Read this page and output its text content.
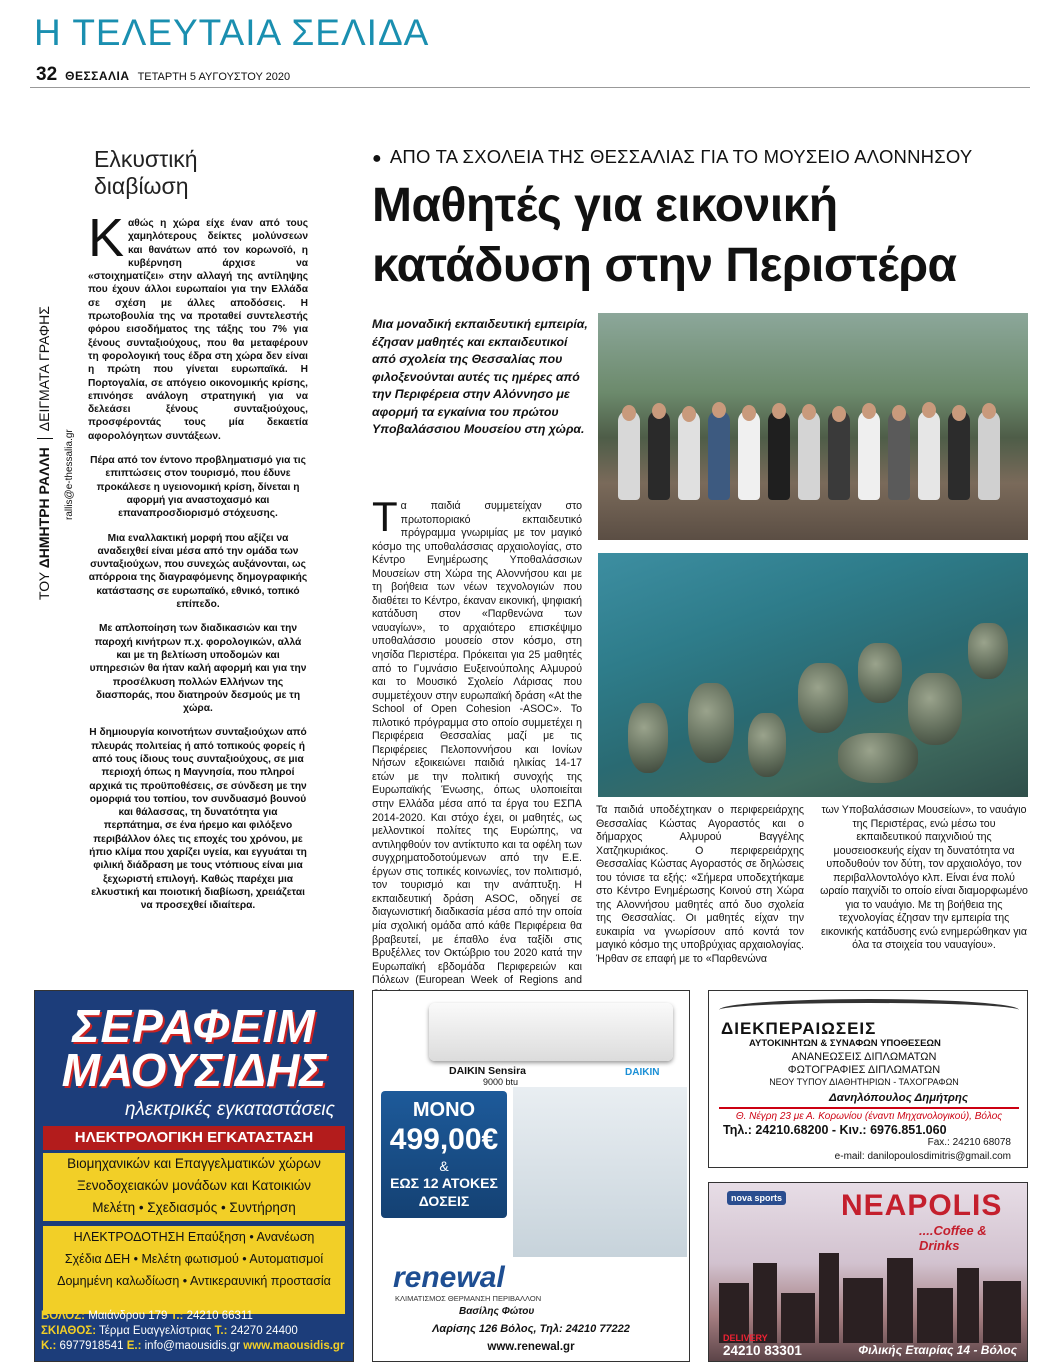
Η ΤΕΛΕΥΤΑΙΑ ΣΕΛΙΔΑ
32 ΘΕΣΣΑΛΙΑ ΤΕΤΑΡΤΗ 5 ΑΥΓΟΥΣΤΟΥ 2020
ΤΟΥ ΔΗΜΗΤΡΗ ΡΑΛΛΗ  ΔΕΙΓΜΑΤΑ ΓΡΑΦΗΣ
rallis@e-thessalia.gr
Ελκυστική
διαβίωση

Καθώς η χώρα είχε έναν από τους χαμηλότερους δείκτες μολύνσεων και θανάτων από τον κορωνοϊό, η κυβέρνηση άρχισε να «στοιχηματίζει» στην αλλαγή της αντίληψης που έχουν άλλοι ευρωπαίοι για την Ελλάδα σε σχέση με άλλες αποδόσεις. Η πρωτοβουλία της να προταθεί συντελεστής φόρου εισοδήματος της τάξης του 7% για ξένους συνταξιούχους, που θα μεταφέρουν τη φορολογική τους έδρα στη χώρα δεν είναι η πρώτη που γίνεται ευρωπαϊκά. Η Πορτογαλία, σε απόγειο οικονομικής κρίσης, επινόησε ανάλογη στρατηγική για να δελεάσει ξένους συνταξιούχους, προσφέροντάς τους μία δεκαετία αφορολόγητων συντάξεων.

Πέρα από τον έντονο προβληματισμό για τις επιπτώσεις στον τουρισμό, που έδυνε προκάλεσε η υγειονομική κρίση, δίνεται η αφορμή για αναστοχασμό και επαναπροσδιορισμό στόχευσης.

Μια εναλλακτική μορφή που αξίζει να αναδειχθεί είναι μέσα από την ομάδα των συνταξιούχων, που συνεχώς αυξάνονται, ως απόρροια της διαγραφόμενης δημογραφικής κατάστασης σε ευρωπαϊκό, εθνικό, τοπικό επίπεδο.

Με απλοποίηση των διαδικασιών και την παροχή κινήτρων π.χ. φορολογικών, αλλά και με τη βελτίωση υποδομών και υπηρεσιών θα ήταν καλή αφορμή και για την προσέλκυση πολλών Ελλήνων της διασποράς, που διατηρούν δεσμούς με τη χώρα.

Η δημιουργία κοινοτήτων συνταξιούχων από πλευράς πολιτείας ή από τοπικούς φορείς ή από τους ίδιους τους συνταξιούχους, σε μια περιοχή όπως η Μαγνησία, που πληροί αρχικά τις προϋποθέσεις, σε σύνδεση με την ομορφιά του τοπίου, τον συνδυασμό βουνού και θάλασσας, τη δυνατότητα για περπάτημα, σε ένα ήρεμο και φιλόξενο περιβάλλον όλες τις εποχές του χρόνου, με ήπιο κλίμα που χαρίζει υγεία, και εγγυάται τη φιλική διάδραση με τους ντόπιους είναι μια ξεχωριστή επιλογή. Καθώς παρέχει μια ελκυστική και ποιοτική διαβίωση, χρειάζεται να προσεχθεί ιδιαίτερα.

● ΑΠΟ ΤΑ ΣΧΟΛΕΙΑ ΤΗΣ ΘΕΣΣΑΛΙΑΣ ΓΙΑ ΤΟ ΜΟΥΣΕΙΟ ΑΛΟΝΝΗΣΟΥ
Μαθητές για εικονική
κατάδυση στην Περιστέρα
Μια μοναδική εκπαιδευτική εμπειρία, έζησαν μαθητές και εκπαιδευτικοί από σχολεία της Θεσσαλίας που φιλοξενούνται αυτές τις ημέρες από την Περιφέρεια στην Αλόννησο με αφορμή τα εγκαίνια του πρώτου Υποβαλάσσιου Μουσείου στη χώρα.
Τα παιδιά συμμετείχαν στο πρωτοποριακό εκπαιδευτικό πρόγραμμα γνωριμίας με τον μαγικό κόσμο της υποθαλάσσιας αρχαιολογίας, στο Κέντρο Ενημέρωσης Υποθαλάσσιων Μουσείων στη Χώρα της Αλοννήσου και με τη βοήθεια των νέων τεχνολογιών που διαθέτει το Κέντρο, έκαναν εικονική, ψηφιακή κατάδυση στον «Παρθενώνα των ναυαγίων», το αρχαιότερο επισκέψιμο υποθαλάσσιο μουσείο στον κόσμο, στη νησίδα Περιστέρα. Πρόκειται για 25 μαθητές από το Γυμνάσιο Ευξεινούπολης Αλμυρού και το Μουσικό Σχολείο Λάρισας που συμμετέχουν στην ευρωπαϊκή δράση «At the School of Open Cohesion -ASOC». Το πιλοτικό πρόγραμμα στο οποίο συμμετέχει η Περιφέρεια Θεσσαλίας μαζί με τις Περιφέρειες Πελοποννήσου και Ιονίων Νήσων εξοικειώνει παιδιά ηλικίας 14-17 ετών με την πολιτική συνοχής της Ευρωπαϊκής Ένωσης, όπως υλοποιείται στην Ελλάδα μέσα από τα έργα του ΕΣΠΑ 2014-2020. Και στόχο έχει, οι μαθητές, ως μελλοντικοί πολίτες της Ευρώπης, να αντιληφθούν τον αντίκτυπο και τα οφέλη των συγχρηματοδοτούμενων από την Ε.Ε. έργων στις τοπικές κοινωνίες, τον πολιτισμό, τον τουρισμό και την ανάπτυξη. Η εκπαιδευτική δράση ASOC, οδηγεί σε διαγωνιστική διαδικασία μέσα από την οποία μία σχολική ομάδα από κάθε Περιφέρεια θα βραβευτεί, με έπαθλο ένα ταξίδι στις Βρυξέλλες τον Οκτώβριο του 2020 κατά την Ευρωπαϊκή εβδομάδα Περιφερειών και Πόλεων (European Week of Regions and
Τα παιδιά υποδέχτηκαν ο περιφερειάρχης Θεσσαλίας Κώστας Αγοραστός και ο δήμαρχος Αλμυρού Βαγγέλης Χατζηκυριάκος. Ο περιφερειάρχης Θεσσαλίας Κώστας Αγοραστός σε δηλώσεις του τόνισε τα εξής: «Σήμερα υποδεχτήκαμε στο Κέντρο Ενημέρωσης Κοινού στη Χώρα της Αλοννήσου μαθητές από δυο σχολεία της Θεσσαλίας. Οι μαθητές είχαν την ευκαιρία να γνωρίσουν από κοντά τον μαγικό κόσμο της υποβρύχιας αρχαιολογίας. Ήρθαν σε επαφή με το «Παρθενώνα
των Υποβαλάσσιων Μουσείων», το ναυάγιο της Περιστέρας, ενώ μέσω του εκπαιδευτικού παιχνιδιού της μουσειοσκευής είχαν τη δυνατότητα να υποδυθούν τον δύτη, τον αρχαιολόγο, τον περιβαλλοντολόγο κλπ. Είναι ένα πολύ ωραίο παιχνίδι το οποίο είναι διαμορφωμένο για το ναυάγιο. Με τη βοήθεια της τεχνολογίας έζησαν την εμπειρία της εικονικής κατάδυσης ενώ ενημερώθηκαν για όλα τα στοιχεία του ναυαγίου».
ΣΕΡΑΦΕΙΜ
ΜΑΟΥΣΙΔΗΣ
ηλεκτρικές εγκαταστάσεις
ΗΛΕΚΤΡΟΛΟΓΙΚΗ ΕΓΚΑΤΑΣΤΑΣΗ
Βιομηχανικών και Επαγγελματικών χώρων
Ξενοδοχειακών μονάδων και Κατοικιών
Μελέτη • Σχεδιασμός • Συντήρηση
ΗΛΕΚΤΡΟΔΟΤΗΣΗ Επαύξηση • Ανανέωση
Σχέδια ΔΕΗ • Μελέτη φωτισμού • Αυτοματισμοί
Δομημένη καλωδίωση • Αντικεραυνική προστασία
ΒΟΛΟΣ: Μαιάνδρου 179 Τ.: 24210 66311
ΣΚΙΑΘΟΣ: Τέρμα Ευαγγελίστριας Τ.: 24270 24400
Κ.: 6977918541 E.: info@maousidis.gr www.maousidis.gr
DAIKIN Sensira	DAIKIN
9000 btu
ΜΟΝΟ
499,00€
&
ΕΩΣ 12 ΑΤΟΚΕΣ
ΔΟΣΕΙΣ
renewal
ΚΛΙΜΑΤΙΣΜΟΣ ΘΕΡΜΑΝΣΗ ΠΕΡΙΒΑΛΛΟΝ
Βασίλης Φώτου
Λαρίσης 126 Βόλος, Τηλ: 24210 77222
www.renewal.gr
ΔΙΕΚΠΕΡΑΙΩΣΕΙΣ
ΑΥΤΟΚΙΝΗΤΩΝ & ΣΥΝΑΦΩΝ ΥΠΟΘΕΣΕΩΝ
ΑΝΑΝΕΩΣΕΙΣ ΔΙΠΛΩΜΑΤΩΝ
ΦΩΤΟΓΡΑΦΙΕΣ ΔΙΠΛΩΜΑΤΩΝ
ΝΕΟΥ ΤΥΠΟΥ ΔΙΑΘΗΤΗΡΙΩΝ - ΤΑΧΟΓΡΑΦΩΝ
Δανηλόπουλος Δημήτρης
Θ. Νέγρη 23 με Α. Κορωνίου (έναντι Μηχανολογικού), Βόλος
Τηλ.: 24210.68200 - Κιν.: 6976.851.060
Fax.: 24210 68078
e-mail: danilopoulosdimitris@gmail.com
nova sports NEAPOLIS
....Coffee & Drinks
DELIVERY
24210 83301	Φιλικής Εταιρίας 14 - Βόλος
